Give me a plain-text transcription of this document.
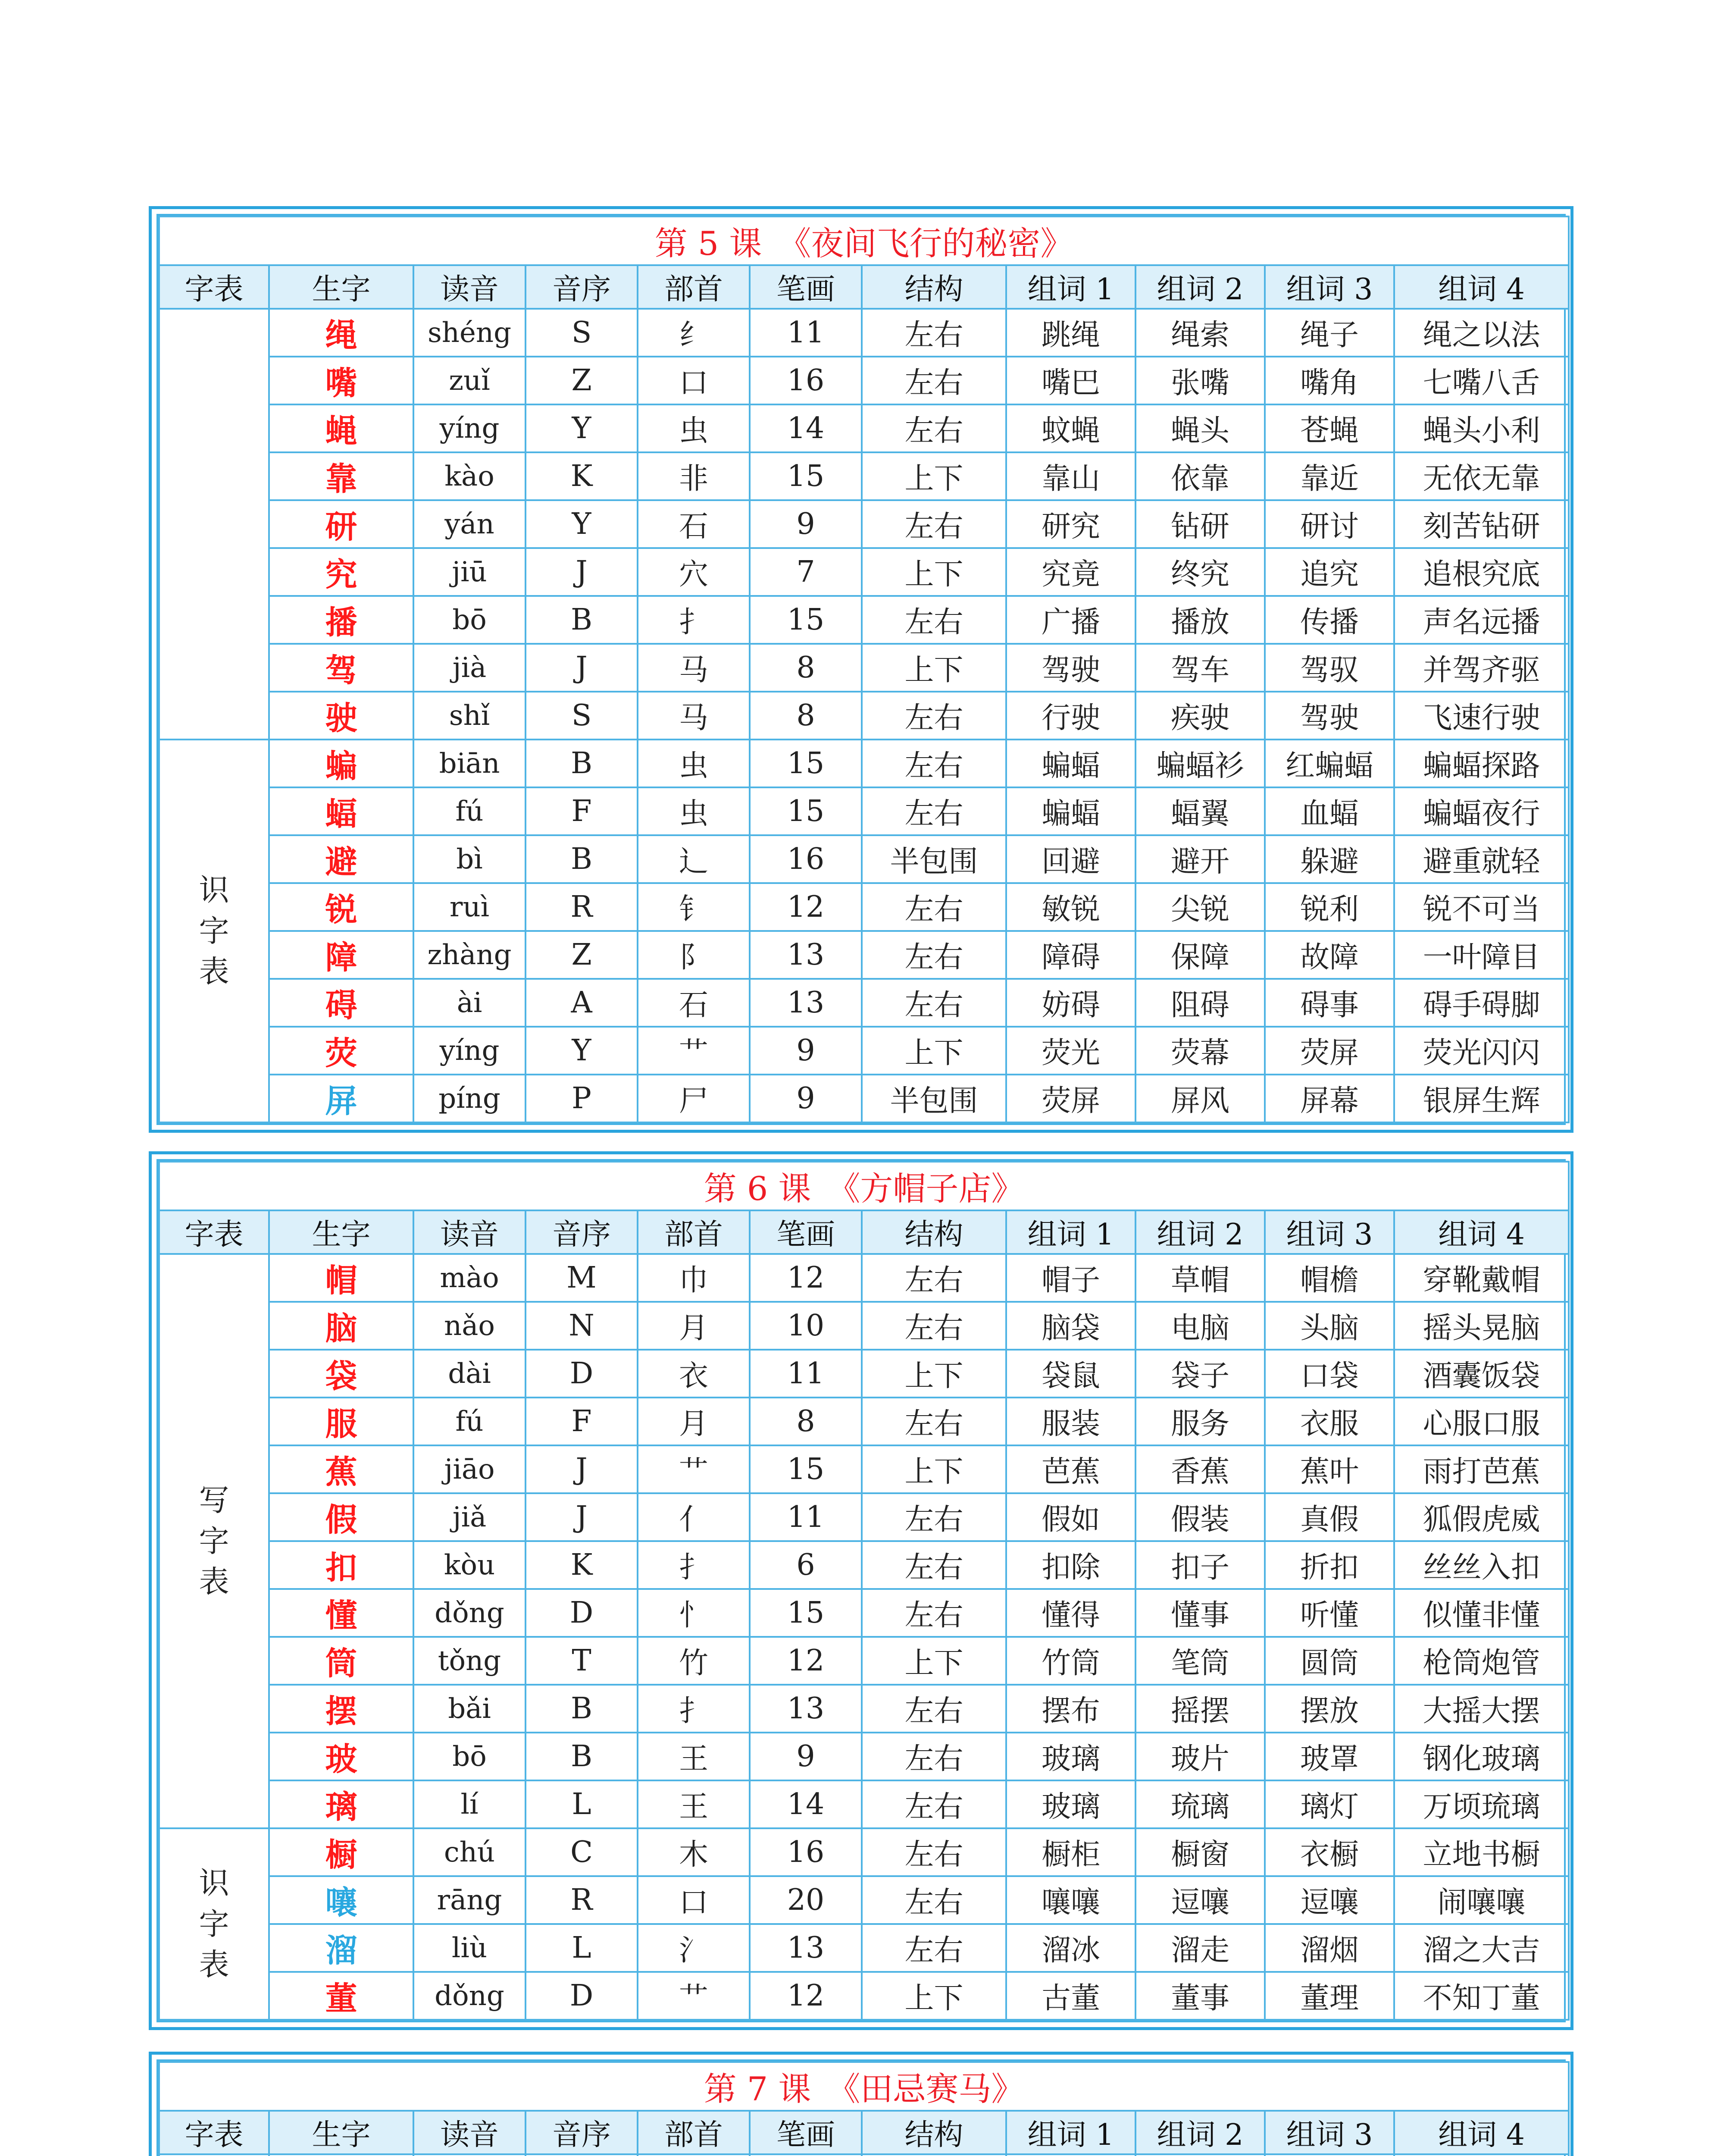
第 5 课　《夜间飞行的秘密》										
字表	生字	读音	音序	部首	笔画	结构	组词 1	组词 2	组词 3	组词 4
	绳	shéng	S	纟	11	左右	跳绳	绳索	绳子	绳之以法
	嘴	zuǐ	Z	口	16	左右	嘴巴	张嘴	嘴角	七嘴八舌
	蝇	yíng	Y	虫	14	左右	蚊蝇	蝇头	苍蝇	蝇头小利
	靠	kào	K	非	15	上下	靠山	依靠	靠近	无依无靠
	研	yán	Y	石	9	左右	研究	钻研	研讨	刻苦钻研
	究	jiū	J	穴	7	上下	究竟	终究	追究	追根究底
	播	bō	B	扌	15	左右	广播	播放	传播	声名远播
	驾	jià	J	马	8	上下	驾驶	驾车	驾驭	并驾齐驱
	驶	shǐ	S	马	8	左右	行驶	疾驶	驾驶	飞速行驶
识
字
表	蝙	biān	B	虫	15	左右	蝙蝠	蝙蝠衫	红蝙蝠	蝙蝠探路
	蝠	fú	F	虫	15	左右	蝙蝠	蝠翼	血蝠	蝙蝠夜行
	避	bì	B	辶	16	半包围	回避	避开	躲避	避重就轻
	锐	ruì	R	钅	12	左右	敏锐	尖锐	锐利	锐不可当
	障	zhàng	Z	阝	13	左右	障碍	保障	故障	一叶障目
	碍	ài	A	石	13	左右	妨碍	阻碍	碍事	碍手碍脚
	荧	yíng	Y	艹	9	上下	荧光	荧幕	荧屏	荧光闪闪
	屏	píng	P	尸	9	半包围	荧屏	屏风	屏幕	银屏生辉
第 6 课　《方帽子店》										
字表	生字	读音	音序	部首	笔画	结构	组词 1	组词 2	组词 3	组词 4
写
字
表	帽	mào	M	巾	12	左右	帽子	草帽	帽檐	穿靴戴帽
	脑	nǎo	N	月	10	左右	脑袋	电脑	头脑	摇头晃脑
	袋	dài	D	衣	11	上下	袋鼠	袋子	口袋	酒囊饭袋
	服	fú	F	月	8	左右	服装	服务	衣服	心服口服
	蕉	jiāo	J	艹	15	上下	芭蕉	香蕉	蕉叶	雨打芭蕉
	假	jiǎ	J	亻	11	左右	假如	假装	真假	狐假虎威
	扣	kòu	K	扌	6	左右	扣除	扣子	折扣	丝丝入扣
	懂	dǒng	D	忄	15	左右	懂得	懂事	听懂	似懂非懂
	筒	tǒng	T	竹	12	上下	竹筒	笔筒	圆筒	枪筒炮管
	摆	bǎi	B	扌	13	左右	摆布	摇摆	摆放	大摇大摆
	玻	bō	B	王	9	左右	玻璃	玻片	玻罩	钢化玻璃
	璃	lí	L	王	14	左右	玻璃	琉璃	璃灯	万顷琉璃
识
字
表	橱	chú	C	木	16	左右	橱柜	橱窗	衣橱	立地书橱
	嚷	rāng	R	口	20	左右	嚷嚷	逗嚷	逗嚷	闹嚷嚷
	溜	liù	L	氵	13	左右	溜冰	溜走	溜烟	溜之大吉
	董	dǒng	D	艹	12	上下	古董	董事	董理	不知丁董
第 7 课　《田忌赛马》										
字表	生字	读音	音序	部首	笔画	结构	组词 1	组词 2	组词 3	组词 4
